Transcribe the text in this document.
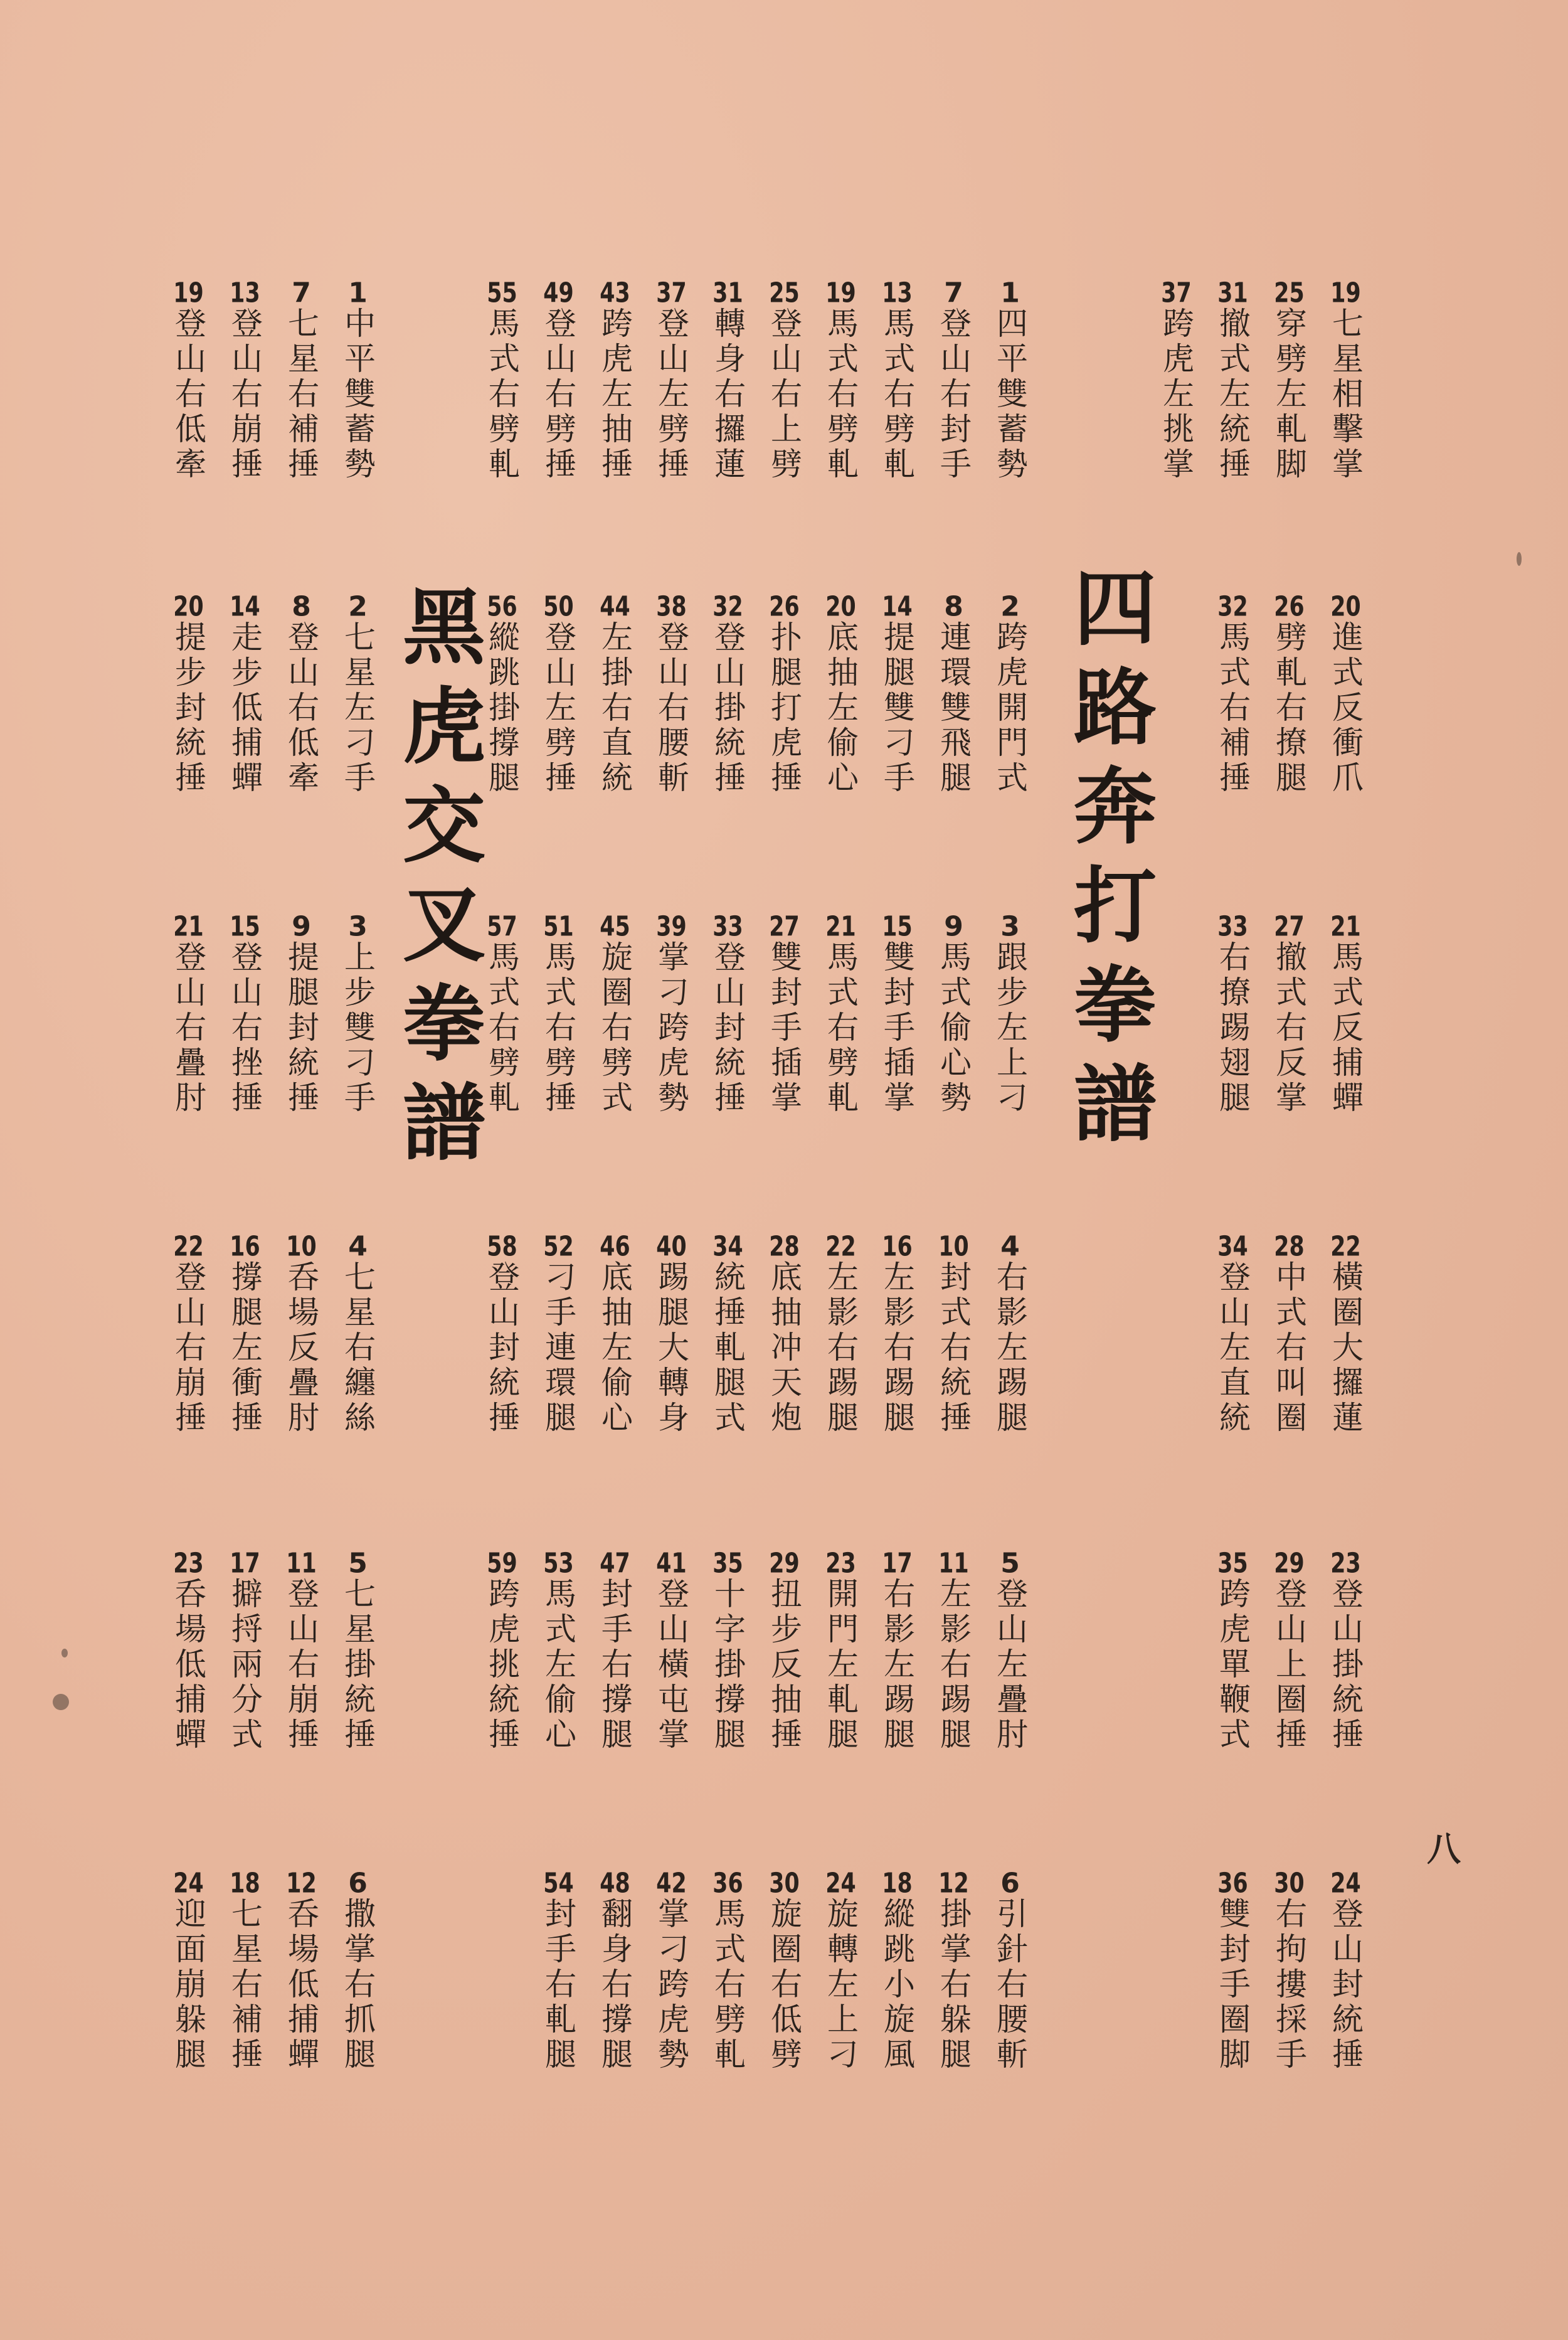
四路奔打拳譜
黑虎交叉拳譜
八
19七星相擊掌
25穿劈左軋脚
31撤式左統捶
37跨虎左挑掌
20進式反衝爪
26劈軋右撩腿
32馬式右補捶
21馬式反捕蟬
27撤式右反掌
33右撩踢翅腿
22橫圈大攞蓮
28中式右叫圈
34登山左直統
23登山掛統捶
29登山上圈捶
35跨虎單鞭式
24登山封統捶
30右拘摟採手
36雙封手圈脚
1四平雙蓄勢
7登山右封手
13馬式右劈軋
19馬式右劈軋
25登山右上劈
31轉身右攞蓮
37登山左劈捶
43跨虎左抽捶
49登山右劈捶
55馬式右劈軋
2跨虎開門式
8連環雙飛腿
14提腿雙刁手
20底抽左偷心
26扑腿打虎捶
32登山掛統捶
38登山右腰斬
44左掛右直統
50登山左劈捶
56縱跳掛撐腿
3跟步左上刁
9馬式偷心勢
15雙封手插掌
21馬式右劈軋
27雙封手插掌
33登山封統捶
39掌刁跨虎勢
45旋圈右劈式
51馬式右劈捶
57馬式右劈軋
4右影左踢腿
10封式右統捶
16左影右踢腿
22左影右踢腿
28底抽冲天炮
34統捶軋腿式
40踢腿大轉身
46底抽左偷心
52刁手連環腿
58登山封統捶
5登山左疊肘
11左影右踢腿
17右影左踢腿
23開門左軋腿
29扭步反抽捶
35十字掛撐腿
41登山橫屯掌
47封手右撐腿
53馬式左偷心
59跨虎挑統捶
6引針右腰斬
12掛掌右躲腿
18縱跳小旋風
24旋轉左上刁
30旋圈右低劈
36馬式右劈軋
42掌刁跨虎勢
48翻身右撐腿
54封手右軋腿
1中平雙蓄勢
7七星右補捶
13登山右崩捶
19登山右低牽
2七星左刁手
8登山右低牽
14走步低捕蟬
20提步封統捶
3上步雙刁手
9提腿封統捶
15登山右挫捶
21登山右疊肘
4七星右纏絲
10呑場反疊肘
16撐腿左衝捶
22登山右崩捶
5七星掛統捶
11登山右崩捶
17擗捋兩分式
23呑場低捕蟬
6撒掌右抓腿
12呑場低捕蟬
18七星右補捶
24迎面崩躲腿
